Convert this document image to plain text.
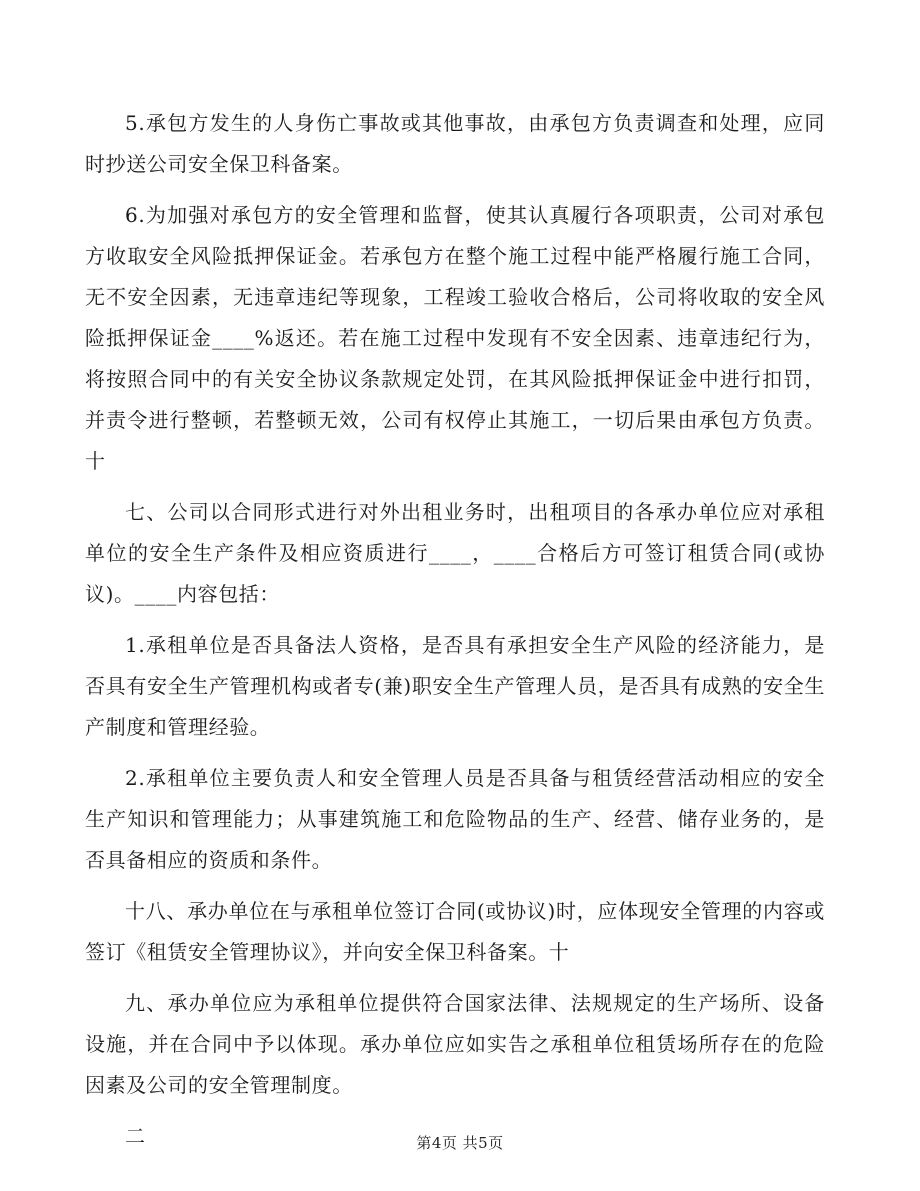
5.承包方发生的人身伤亡事故或其他事故，由承包方负责调查和处理，应同时抄送公司安全保卫科备案。

6.为加强对承包方的安全管理和监督，使其认真履行各项职责，公司对承包方收取安全风险抵押保证金。若承包方在整个施工过程中能严格履行施工合同，无不安全因素，无违章违纪等现象，工程竣工验收合格后，公司将收取的安全风险抵押保证金____%返还。若在施工过程中发现有不安全因素、违章违纪行为，将按照合同中的有关安全协议条款规定处罚，在其风险抵押保证金中进行扣罚，并责令进行整顿，若整顿无效，公司有权停止其施工，一切后果由承包方负责。十

七、公司以合同形式进行对外出租业务时，出租项目的各承办单位应对承租单位的安全生产条件及相应资质进行____，____合格后方可签订租赁合同(或协议)。____内容包括：

1.承租单位是否具备法人资格，是否具有承担安全生产风险的经济能力，是否具有安全生产管理机构或者专(兼)职安全生产管理人员，是否具有成熟的安全生产制度和管理经验。

2.承租单位主要负责人和安全管理人员是否具备与租赁经营活动相应的安全生产知识和管理能力；从事建筑施工和危险物品的生产、经营、储存业务的，是否具备相应的资质和条件。

十八、承办单位在与承租单位签订合同(或协议)时，应体现安全管理的内容或签订《租赁安全管理协议》，并向安全保卫科备案。十

九、承办单位应为承租单位提供符合国家法律、法规规定的生产场所、设备设施，并在合同中予以体现。承办单位应如实告之承租单位租赁场所存在的危险因素及公司的安全管理制度。

二	第4页 共5页
